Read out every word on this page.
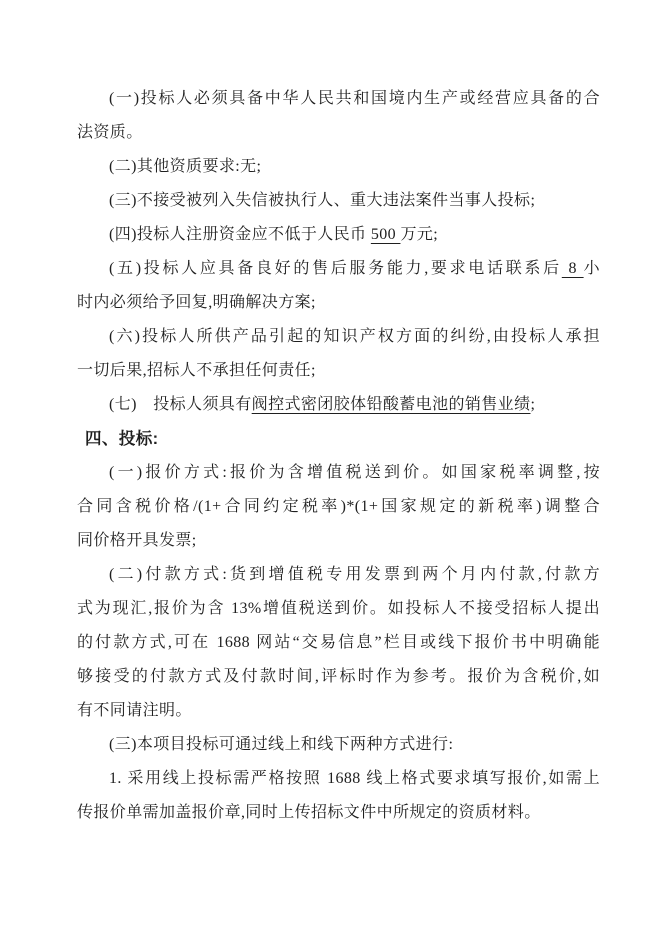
(一)投标人必须具备中华人民共和国境内生产或经营应具备的合
法资质。
(二)其他资质要求:无;
(三)不接受被列入失信被执行人、重大违法案件当事人投标;
(四)投标人注册资金应不低于人民币 500 万元;
(五)投标人应具备良好的售后服务能力,要求电话联系后 8 小
时内必须给予回复,明确解决方案;
(六)投标人所供产品引起的知识产权方面的纠纷,由投标人承担
一切后果,招标人不承担任何责任;
(七)　投标人须具有阀控式密闭胶体铅酸蓄电池的销售业绩;
四、投标:
(一)报价方式:报价为含增值税送到价。如国家税率调整,按
合同含税价格/(1+合同约定税率)*(1+国家规定的新税率)调整合
同价格开具发票;
(二)付款方式:货到增值税专用发票到两个月内付款,付款方
式为现汇,报价为含 13%增值税送到价。如投标人不接受招标人提出
的付款方式,可在 1688 网站“交易信息”栏目或线下报价书中明确能
够接受的付款方式及付款时间,评标时作为参考。报价为含税价,如
有不同请注明。
(三)本项目投标可通过线上和线下两种方式进行:
1. 采用线上投标需严格按照 1688 线上格式要求填写报价,如需上
传报价单需加盖报价章,同时上传招标文件中所规定的资质材料。
